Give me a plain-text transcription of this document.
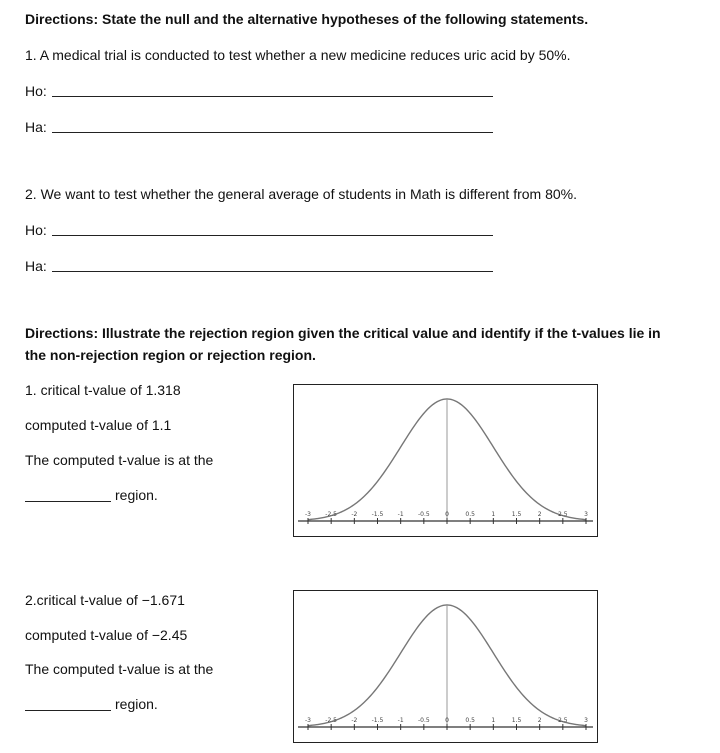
Directions: State the null and the alternative hypotheses of the following statements.
1. A medical trial is conducted to test whether a new medicine reduces uric acid by 50%.
Ho:
Ha:
2. We want to test whether the general average of students in Math is different from 80%.
Ho:
Ha:
Directions: Illustrate the rejection region given the critical value and identify if the t-values lie in
the non-rejection region or rejection region.
1. critical t-value of 1.318
computed t-value of 1.1
The computed t-value is at the
region.
-3 -2.5 -2 -1.5 -1 -0.5	0	0.5	1	1.5	2	2.5	3
2.critical t-value of −1.671
computed t-value of −2.45
The computed t-value is at the
region.
-3 -2.5 -2 -1.5 -1 -0.5	0	0.5	1	1.5	2	2.5	3
